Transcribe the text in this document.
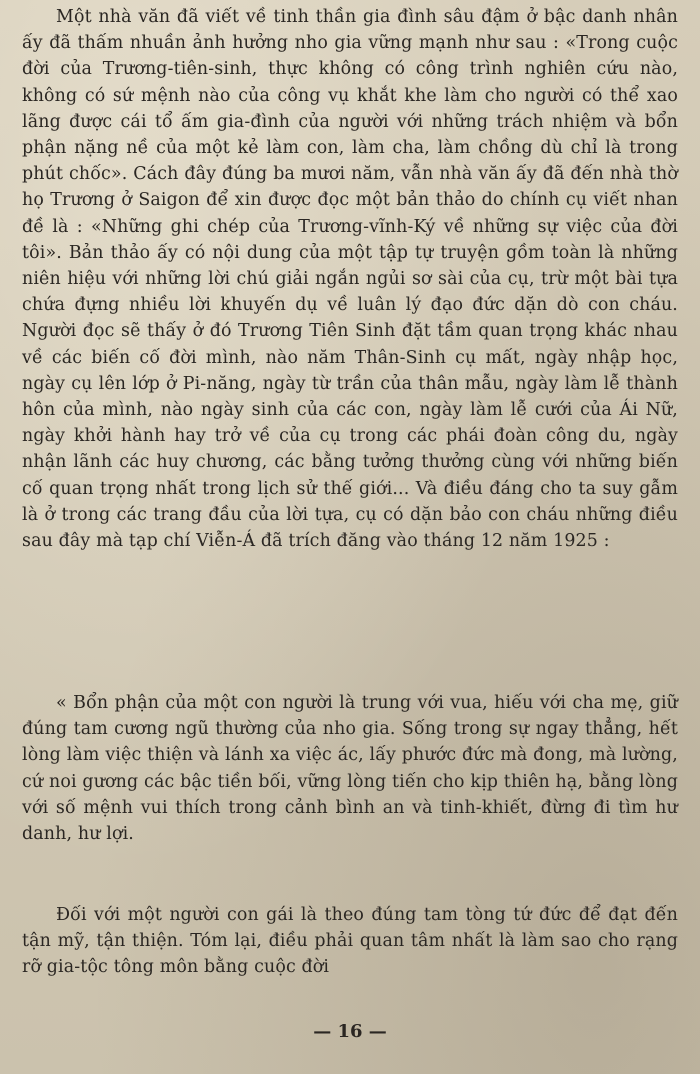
Một nhà văn đã viết về tinh thần gia đình sâu đậm ở bậc danh nhân ấy đã thấm nhuần ảnh hưởng nho gia vững mạnh như sau : «Trong cuộc đời của Trương-tiên-sinh, thực không có công trình nghiên cứu nào, không có sứ mệnh nào của công vụ khắt khe làm cho người có thể xao lãng được cái tổ ấm gia-đình của người với những trách nhiệm và bổn phận nặng nề của một kẻ làm con, làm cha, làm chồng dù chỉ là trong phút chốc». Cách đây đúng ba mươi năm, vẫn nhà văn ấy đã đến nhà thờ họ Trương ở Saigon để xin được đọc một bản thảo do chính cụ viết nhan đề là : «Những ghi chép của Trương-vĩnh-Ký về những sự việc của đời tôi». Bản thảo ấy có nội dung của một tập tự truyện gồm toàn là những niên hiệu với những lời chú giải ngắn ngủi sơ sài của cụ, trừ một bài tựa chứa đựng nhiều lời khuyến dụ về luân lý đạo đức dặn dò con cháu. Người đọc sẽ thấy ở đó Trương Tiên Sinh đặt tầm quan trọng khác nhau về các biến cố đời mình, nào năm Thân-Sinh cụ mất, ngày nhập học, ngày cụ lên lớp ở Pi-năng, ngày từ trần của thân mẫu, ngày làm lễ thành hôn của mình, nào ngày sinh của các con, ngày làm lễ cưới của Ái Nữ, ngày khởi hành hay trở về của cụ trong các phái đoàn công du, ngày nhận lãnh các huy chương, các bằng tưởng thưởng cùng với những biến cố quan trọng nhất trong lịch sử thế giới... Và điều đáng cho ta suy gẫm là ở trong các trang đầu của lời tựa, cụ có dặn bảo con cháu những điều sau đây mà tạp chí Viễn-Á đã trích đăng vào tháng 12 năm 1925 :

« Bổn phận của một con người là trung với vua, hiếu với cha mẹ, giữ đúng tam cương ngũ thường của nho gia. Sống trong sự ngay thẳng, hết lòng làm việc thiện và lánh xa việc ác, lấy phước đức mà đong, mà lường, cứ noi gương các bậc tiền bối, vững lòng tiến cho kịp thiên hạ, bằng lòng với số mệnh vui thích trong cảnh bình an và tinh-khiết, đừng đi tìm hư danh, hư lợi.

Đối với một người con gái là theo đúng tam tòng tứ đức để đạt đến tận mỹ, tận thiện. Tóm lại, điều phải quan tâm nhất là làm sao cho rạng rỡ gia-tộc tông môn bằng cuộc đời

— 16 —
